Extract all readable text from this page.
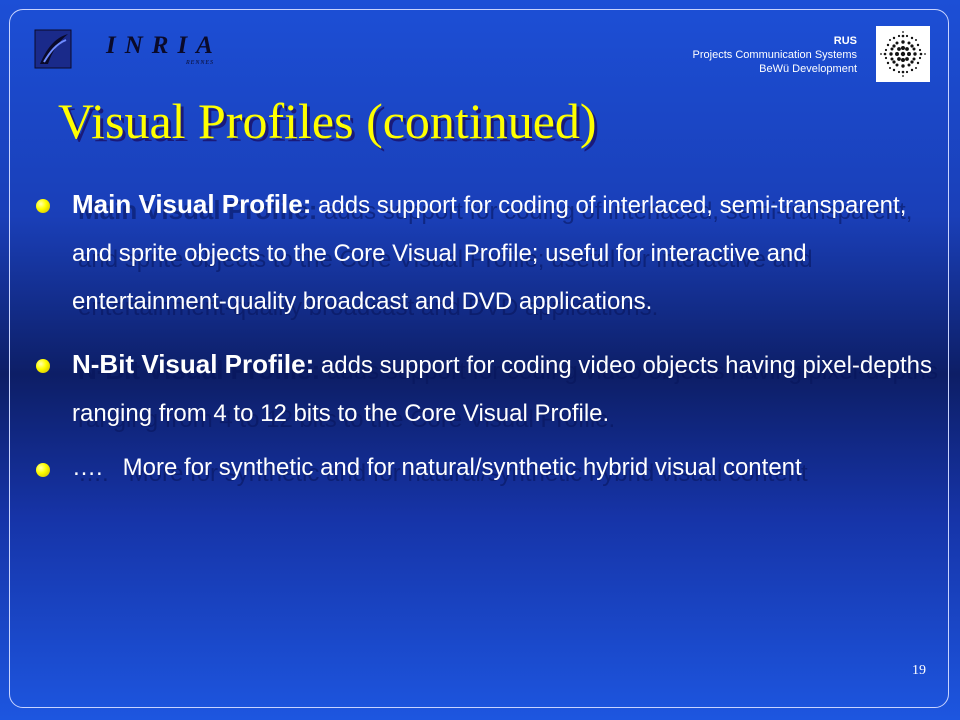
INRIA
RENNES
RUS
Projects Communication Systems
BeWü Development
Visual Profiles (continued)
Main Visual Profile: adds support for coding of interlaced, semi-transparent, and sprite objects to the Core Visual Profile; useful for interactive and entertainment-quality broadcast and DVD applications.
N-Bit Visual Profile: adds support for coding video objects having pixel-depths ranging from 4 to 12 bits to the Core Visual Profile.
….   More for synthetic and for natural/synthetic hybrid visual content
19
